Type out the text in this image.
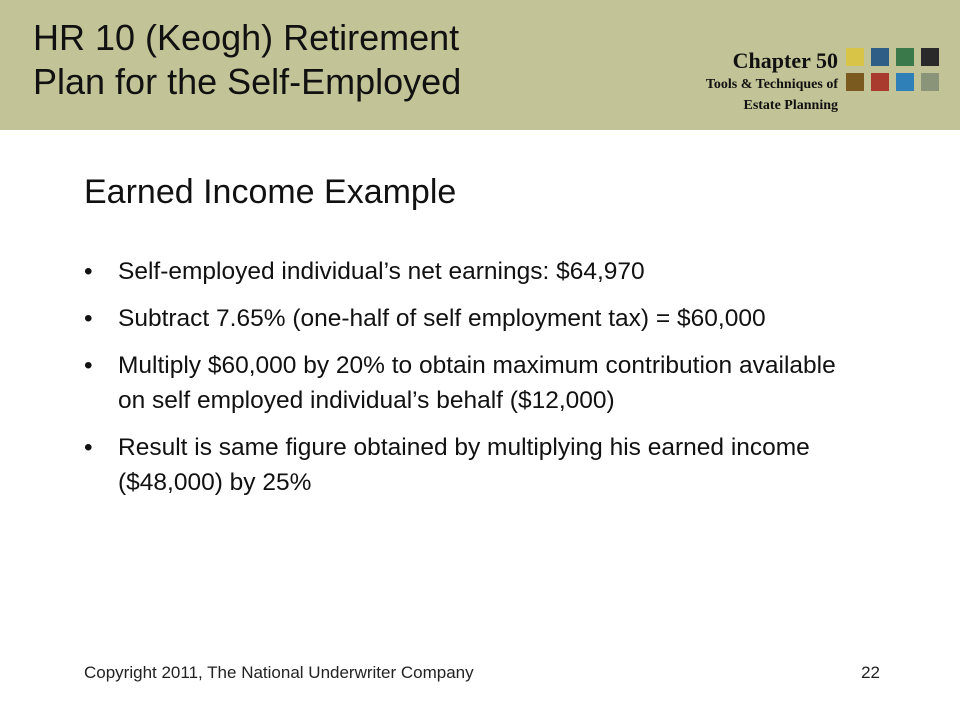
HR 10 (Keogh) Retirement
Plan for the Self-Employed
Chapter 50
Tools & Techniques of
Estate Planning
Earned Income Example
• Self-employed individual’s net earnings: $64,970
• Subtract 7.65% (one-half of self employment tax) = $60,000
• Multiply $60,000 by 20% to obtain maximum contribution available on self employed individual’s behalf ($12,000)
• Result is same figure obtained by multiplying his earned income ($48,000) by 25%
Copyright 2011, The National Underwriter Company	22
